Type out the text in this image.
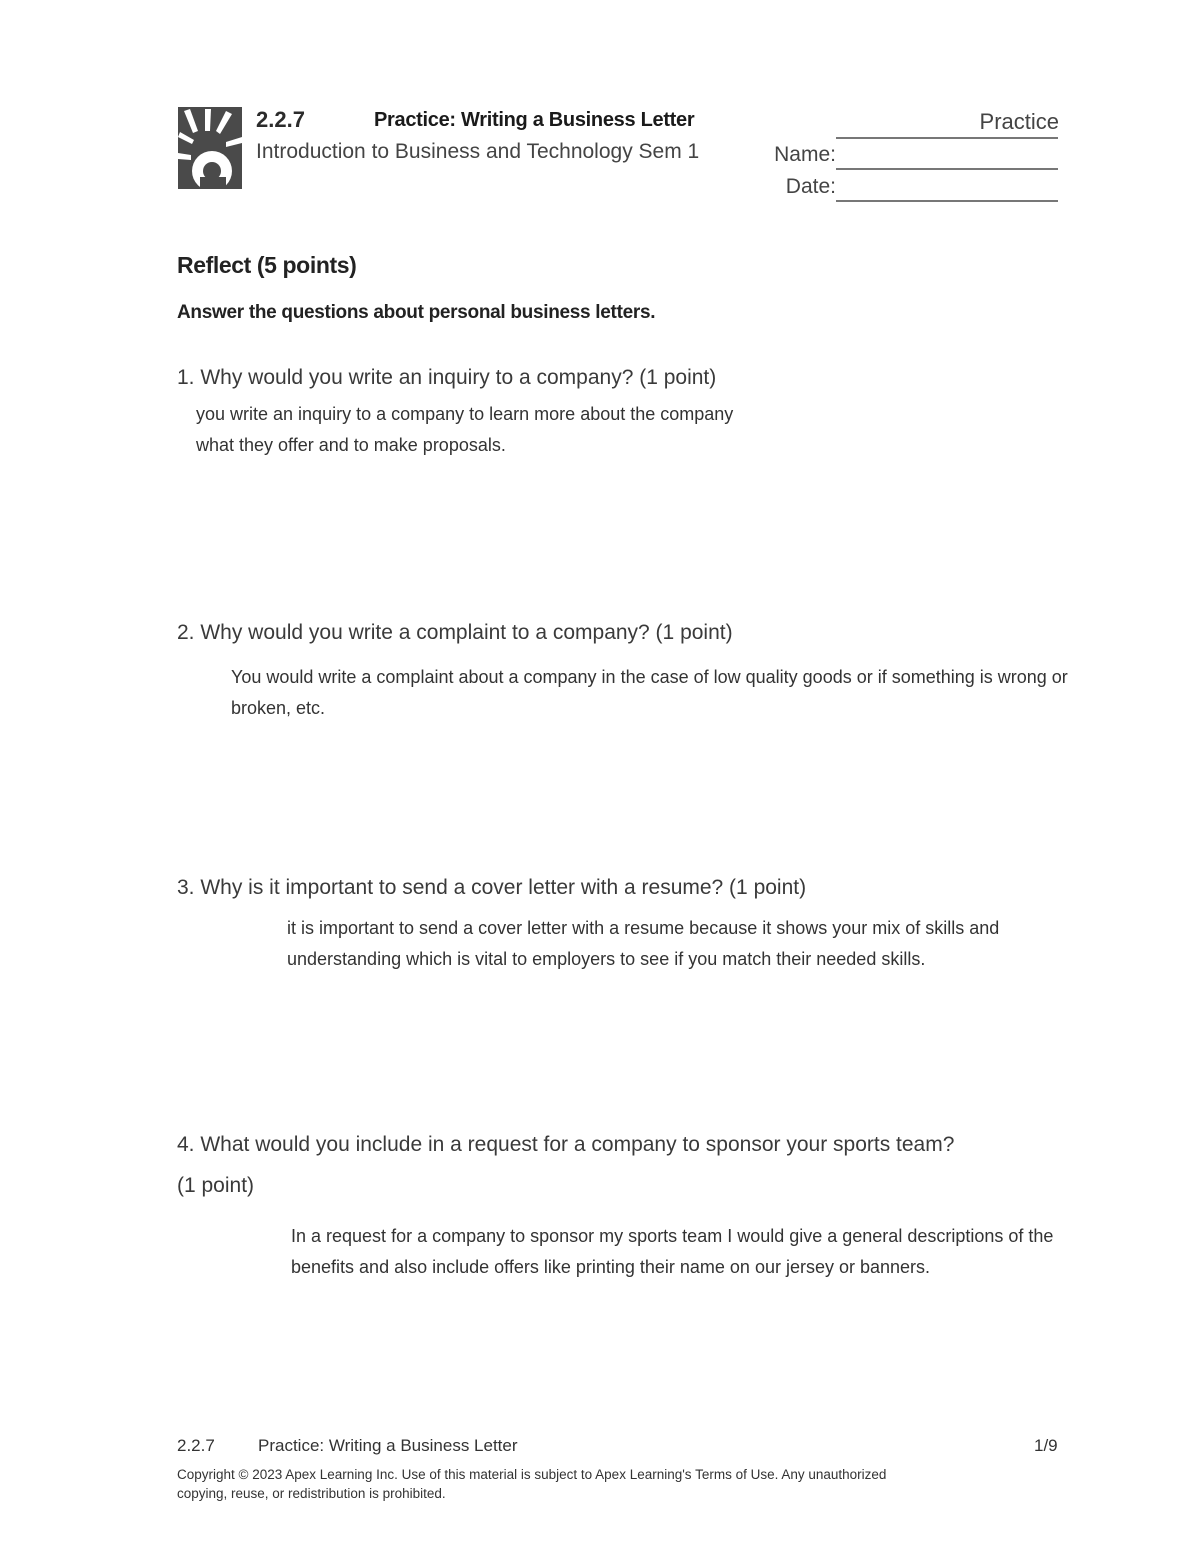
2.2.7	Practice: Writing a Business Letter	Practice
Introduction to Business and Technology Sem 1	Name:
Date:
Reflect (5 points)
Answer the questions about personal business letters.
1. Why would you write an inquiry to a company? (1 point)
you write an inquiry to a company to learn more about the company
what they offer and to make proposals.
2. Why would you write a complaint to a company? (1 point)
You would write a complaint about a company in the case of low quality goods or if something is wrong or
broken, etc.
3. Why is it important to send a cover letter with a resume? (1 point)
it is important to send a cover letter with a resume because it shows your mix of skills and
understanding which is vital to employers to see if you match their needed skills.
4. What would you include in a request for a company to sponsor your sports team?
(1 point)
In a request for a company to sponsor my sports team I would give a general descriptions of the
benefits and also include offers like printing their name on our jersey or banners.
2.2.7	Practice: Writing a Business Letter	1/9
Copyright © 2023 Apex Learning Inc. Use of this material is subject to Apex Learning's Terms of Use. Any unauthorized
copying, reuse, or redistribution is prohibited.
